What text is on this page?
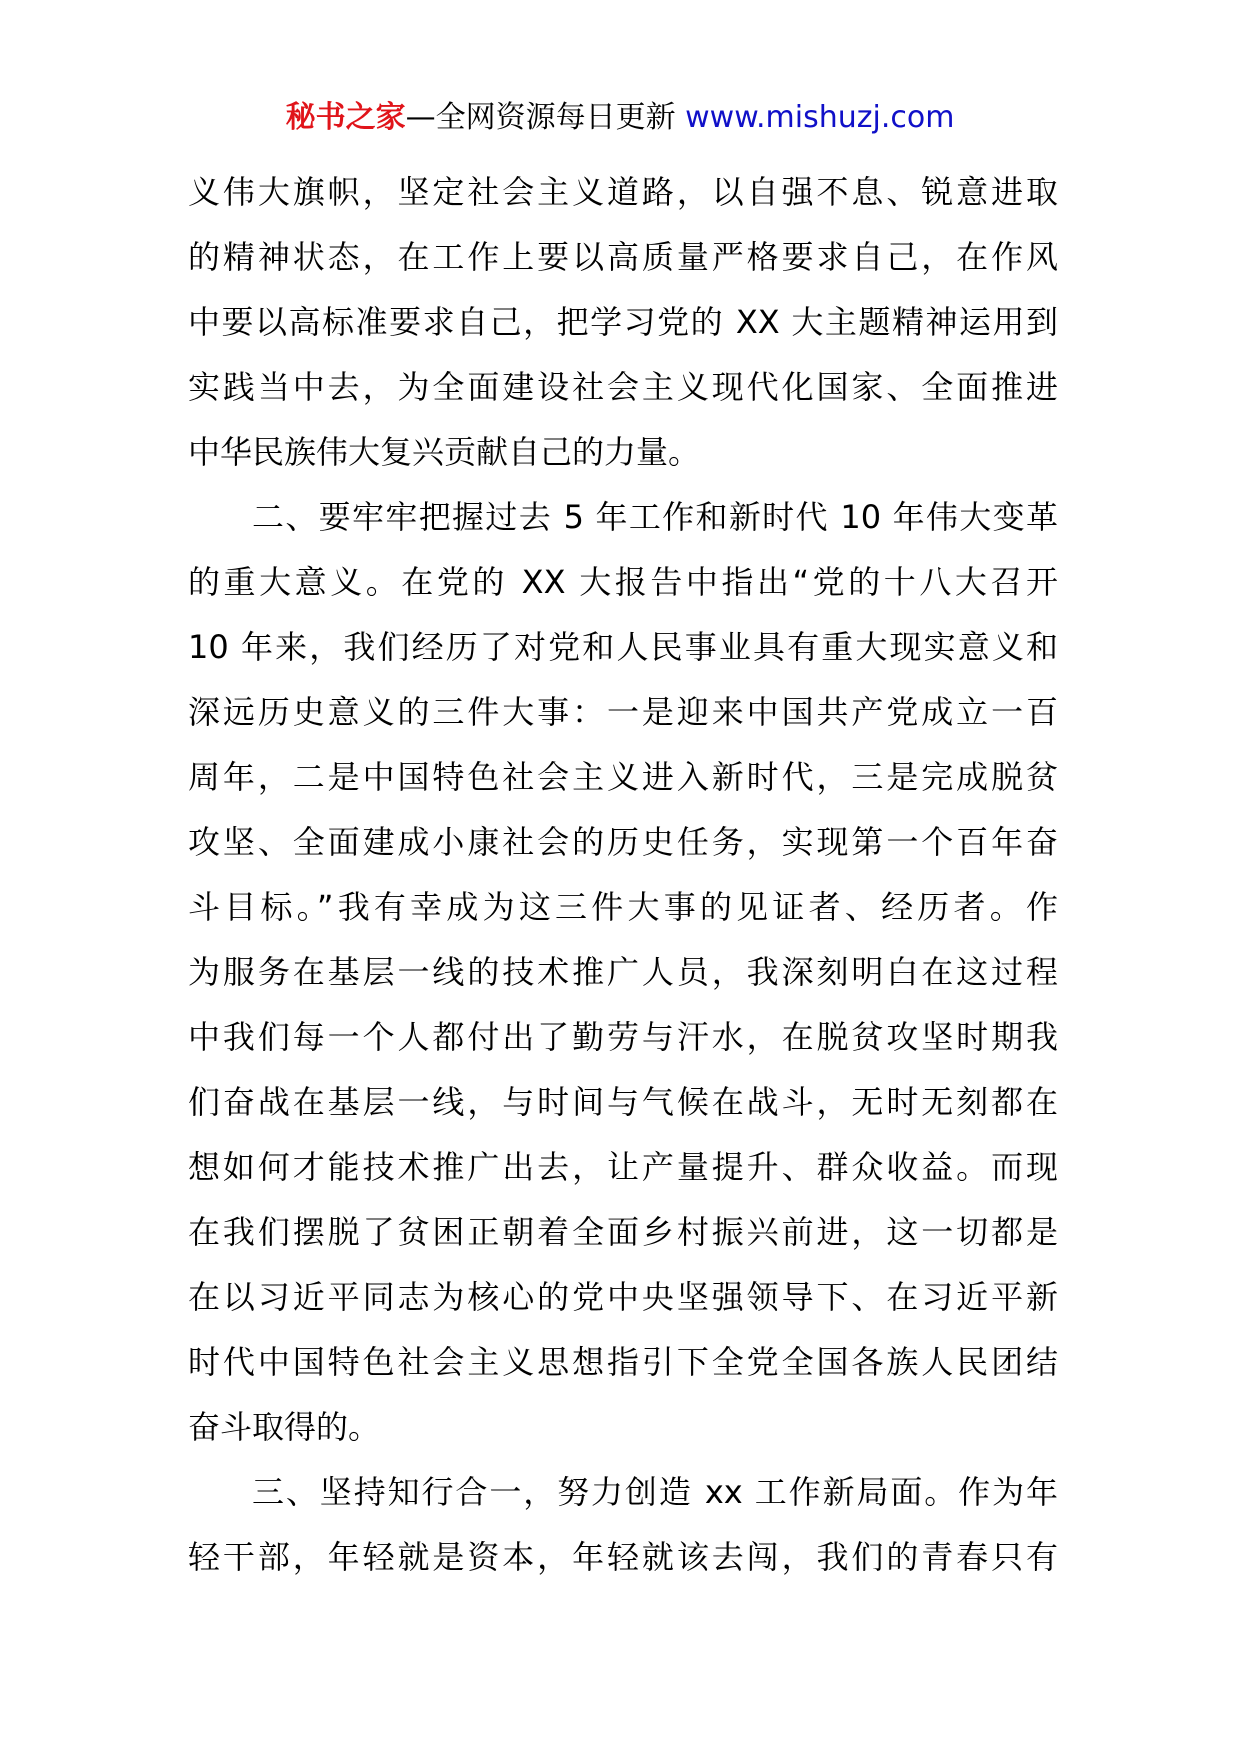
秘书之家—全网资源每日更新 www.mishuzj.com
义伟大旗帜，坚定社会主义道路，以自强不息、锐意进取
的精神状态，在工作上要以高质量严格要求自己，在作风
中要以高标准要求自己，把学习党的 XX 大主题精神运用到
实践当中去，为全面建设社会主义现代化国家、全面推进
中华民族伟大复兴贡献自己的力量。
二、要牢牢把握过去 5 年工作和新时代 10 年伟大变革
的重大意义。在党的 XX 大报告中指出“党的十八大召开
10 年来，我们经历了对党和人民事业具有重大现实意义和
深远历史意义的三件大事：一是迎来中国共产党成立一百
周年，二是中国特色社会主义进入新时代，三是完成脱贫
攻坚、全面建成小康社会的历史任务，实现第一个百年奋
斗目标。”我有幸成为这三件大事的见证者、经历者。作
为服务在基层一线的技术推广人员，我深刻明白在这过程
中我们每一个人都付出了勤劳与汗水，在脱贫攻坚时期我
们奋战在基层一线，与时间与气候在战斗，无时无刻都在
想如何才能技术推广出去，让产量提升、群众收益。而现
在我们摆脱了贫困正朝着全面乡村振兴前进，这一切都是
在以习近平同志为核心的党中央坚强领导下、在习近平新
时代中国特色社会主义思想指引下全党全国各族人民团结
奋斗取得的。
三、坚持知行合一，努力创造 xx 工作新局面。作为年
轻干部，年轻就是资本，年轻就该去闯，我们的青春只有
